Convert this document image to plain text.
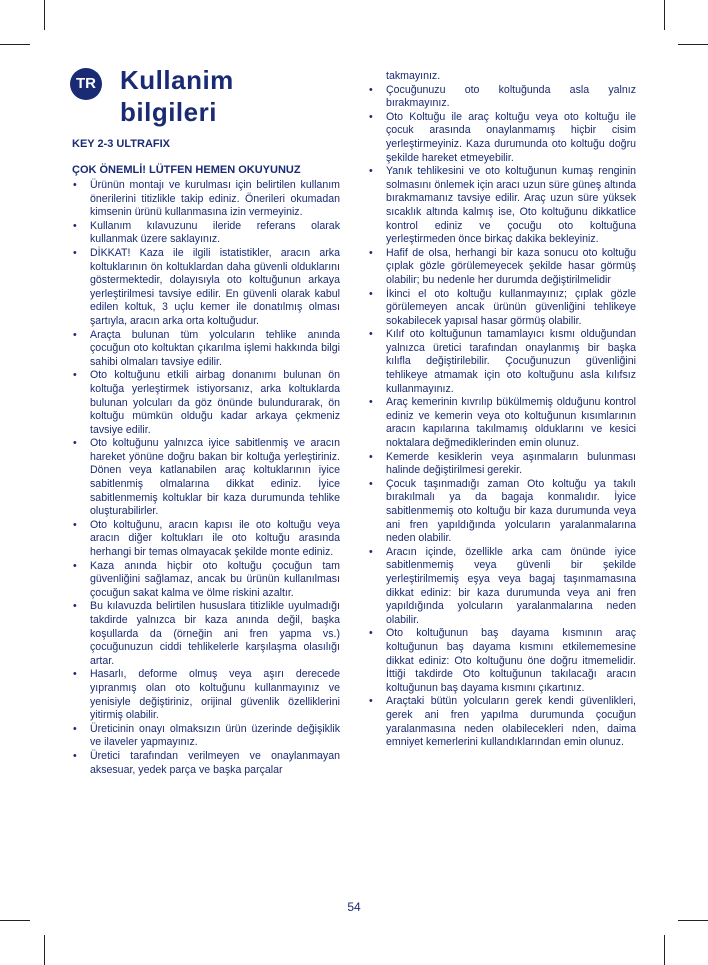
TR Kullanim bilgileri
KEY 2-3 ULTRAFIX
ÇOK ÖNEMLİ! LÜTFEN HEMEN OKUYUNUZ
• Ürünün montajı ve kurulması için belirtilen kullanım önerilerini titizlikle takip ediniz. Önerileri okumadan kimsenin ürünü kullanmasına izin vermeyiniz.
• Kullanım kılavuzunu ileride referans olarak kullanmak üzere saklayınız.
• DİKKAT! Kaza ile ilgili istatistikler, aracın arka koltuklarının ön koltuklardan daha güvenli olduklarını göstermektedir, dolayısıyla oto koltuğunun arkaya yerleştirilmesi tavsiye edilir. En güvenli olarak kabul edilen koltuk, 3 uçlu kemer ile donatılmış olması şartıyla, aracın arka orta koltuğudur.
• Araçta bulunan tüm yolcuların tehlike anında çocuğun oto koltuktan çıkarılma işlemi hakkında bilgi sahibi olmaları tavsiye edilir.
• Oto koltuğunu etkili airbag donanımı bulunan ön koltuğa yerleştirmek istiyorsanız, arka koltuklarda bulunan yolcuları da göz önünde bulundurarak, ön koltuğu mümkün olduğu kadar arkaya çekmeniz tavsiye edilir.
• Oto koltuğunu yalnızca iyice sabitlenmiş ve aracın hareket yönüne doğru bakan bir koltuğa yerleştiriniz. Dönen veya katlanabilen araç koltuklarının iyice sabitlenmiş olmalarına dikkat ediniz. İyice sabitlenmemiş koltuklar bir kaza durumunda tehlike oluşturabilirler.
• Oto koltuğunu, aracın kapısı ile oto koltuğu veya aracın diğer koltukları ile oto koltuğu arasında herhangi bir temas olmayacak şekilde monte ediniz.
• Kaza anında hiçbir oto koltuğu çocuğun tam güvenliğini sağlamaz, ancak bu ürünün kullanılması çocuğun sakat kalma ve ölme riskini azaltır.
• Bu kılavuzda belirtilen hususlara titizlikle uyulmadığı takdirde yalnızca bir kaza anında değil, başka koşullarda da (örneğin ani fren yapma vs.) çocuğunuzun ciddi tehlikelerle karşılaşma olasılığı artar.
• Hasarlı, deforme olmuş veya aşırı derecede yıpranmış olan oto koltuğunu kullanmayınız ve yenisiyle değiştiriniz, orijinal güvenlik özelliklerini yitirmiş olabilir.
• Üreticinin onayı olmaksızın ürün üzerinde değişiklik ve ilaveler yapmayınız.
• Üretici tarafından verilmeyen ve onaylanmayan aksesuar, yedek parça ve başka parçalar
takmayınız.
• Çocuğunuzu oto koltuğunda asla yalnız bırakmayınız.
• Oto Koltuğu ile araç koltuğu veya oto koltuğu ile çocuk arasında onaylanmamış hiçbir cisim yerleştirmeyiniz. Kaza durumunda oto koltuğu doğru şekilde hareket etmeyebilir.
• Yanık tehlikesini ve oto koltuğunun kumaş renginin solmasını önlemek için aracı uzun süre güneş altında bırakmamanız tavsiye edilir. Araç uzun süre yüksek sıcaklık altında kalmış ise, Oto koltuğunu dikkatlice kontrol ediniz ve çocuğu oto koltuğuna yerleştirmeden önce birkaç dakika bekleyiniz.
• Hafif de olsa, herhangi bir kaza sonucu oto koltuğu çıplak gözle görülemeyecek şekilde hasar görmüş olabilir; bu nedenle her durumda değiştirilmelidir
• İkinci el oto koltuğu kullanmayınız; çıplak gözle görülemeyen ancak ürünün güvenliğini tehlikeye sokabilecek yapısal hasar görmüş olabilir.
• Kılıf oto koltuğunun tamamlayıcı kısmı olduğundan yalnızca üretici tarafından onaylanmış bir başka kılıfla değiştirilebilir. Çocuğunuzun güvenliğini tehlikeye atmamak için oto koltuğunu asla kılıfsız kullanmayınız.
• Araç kemerinin kıvrılıp bükülmemiş olduğunu kontrol ediniz ve kemerin veya oto koltuğunun kısımlarının aracın kapılarına takılmamış olduklarını ve kesici noktalara değmediklerinden emin olunuz.
• Kemerde kesiklerin veya aşınmaların bulunması halinde değiştirilmesi gerekir.
• Çocuk taşınmadığı zaman Oto koltuğu ya takılı bırakılmalı ya da bagaja konmalıdır. İyice sabitlenmemiş oto koltuğu bir kaza durumunda veya ani fren yapıldığında yolcuların yaralanmalarına neden olabilir.
• Aracın içinde, özellikle arka cam önünde iyice sabitlenmemiş veya güvenli bir şekilde yerleştirilmemiş eşya veya bagaj taşınmamasına dikkat ediniz: bir kaza durumunda veya ani fren yapıldığında yolcuların yaralanmalarına neden olabilir.
• Oto koltuğunun baş dayama kısmının araç koltuğunun baş dayama kısmını etkilememesine dikkat ediniz: Oto koltuğunu öne doğru itmemelidir. İttiği takdirde Oto koltuğunun takılacağı aracın koltuğunun baş dayama kısmını çıkartınız.
• Araçtaki bütün yolcuların gerek kendi güvenlikleri, gerek ani fren yapılma durumunda çocuğun yaralanmasına neden olabilecekleri nden, daima emniyet kemerlerini kullandıklarından emin olunuz.
54
